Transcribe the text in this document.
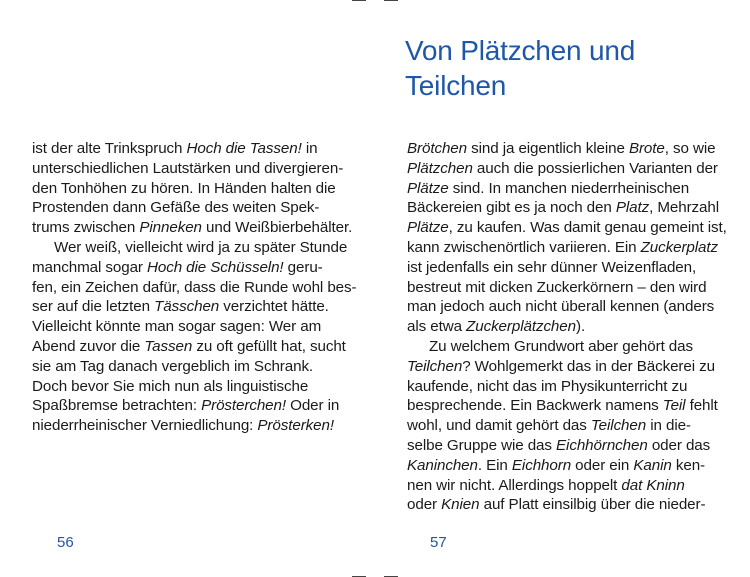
ist der alte Trinkspruch Hoch die Tassen! in
unterschiedlichen Lautstärken und divergieren-
den Tonhöhen zu hören. In Händen halten die
Prostenden dann Gefäße des weiten Spek-
trums zwischen Pinneken und Weißbierbehälter.
Wer weiß, vielleicht wird ja zu später Stunde
manchmal sogar Hoch die Schüsseln! geru-
fen, ein Zeichen dafür, dass die Runde wohl bes-
ser auf die letzten Tässchen verzichtet hätte.
Vielleicht könnte man sogar sagen: Wer am
Abend zuvor die Tassen zu oft gefüllt hat, sucht
sie am Tag danach vergeblich im Schrank.
Doch bevor Sie mich nun als linguistische
Spaßbremse betrachten: Prösterchen! Oder in
niederrheinischer Verniedlichung: Prösterken!
56
Von Plätzchen und
Teilchen
Brötchen sind ja eigentlich kleine Brote, so wie
Plätzchen auch die possierlichen Varianten der
Plätze sind. In manchen niederrheinischen
Bäckereien gibt es ja noch den Platz, Mehrzahl
Plätze, zu kaufen. Was damit genau gemeint ist,
kann zwischenörtlich variieren. Ein Zuckerplatz
ist jedenfalls ein sehr dünner Weizenfladen,
bestreut mit dicken Zuckerkörnern – den wird
man jedoch auch nicht überall kennen (anders
als etwa Zuckerplätzchen).
Zu welchem Grundwort aber gehört das
Teilchen? Wohlgemerkt das in der Bäckerei zu
kaufende, nicht das im Physikunterricht zu
besprechende. Ein Backwerk namens Teil fehlt
wohl, und damit gehört das Teilchen in die-
selbe Gruppe wie das Eichhörnchen oder das
Kaninchen. Ein Eichhorn oder ein Kanin ken-
nen wir nicht. Allerdings hoppelt dat Kninn
oder Knien auf Platt einsilbig über die nieder-
57
